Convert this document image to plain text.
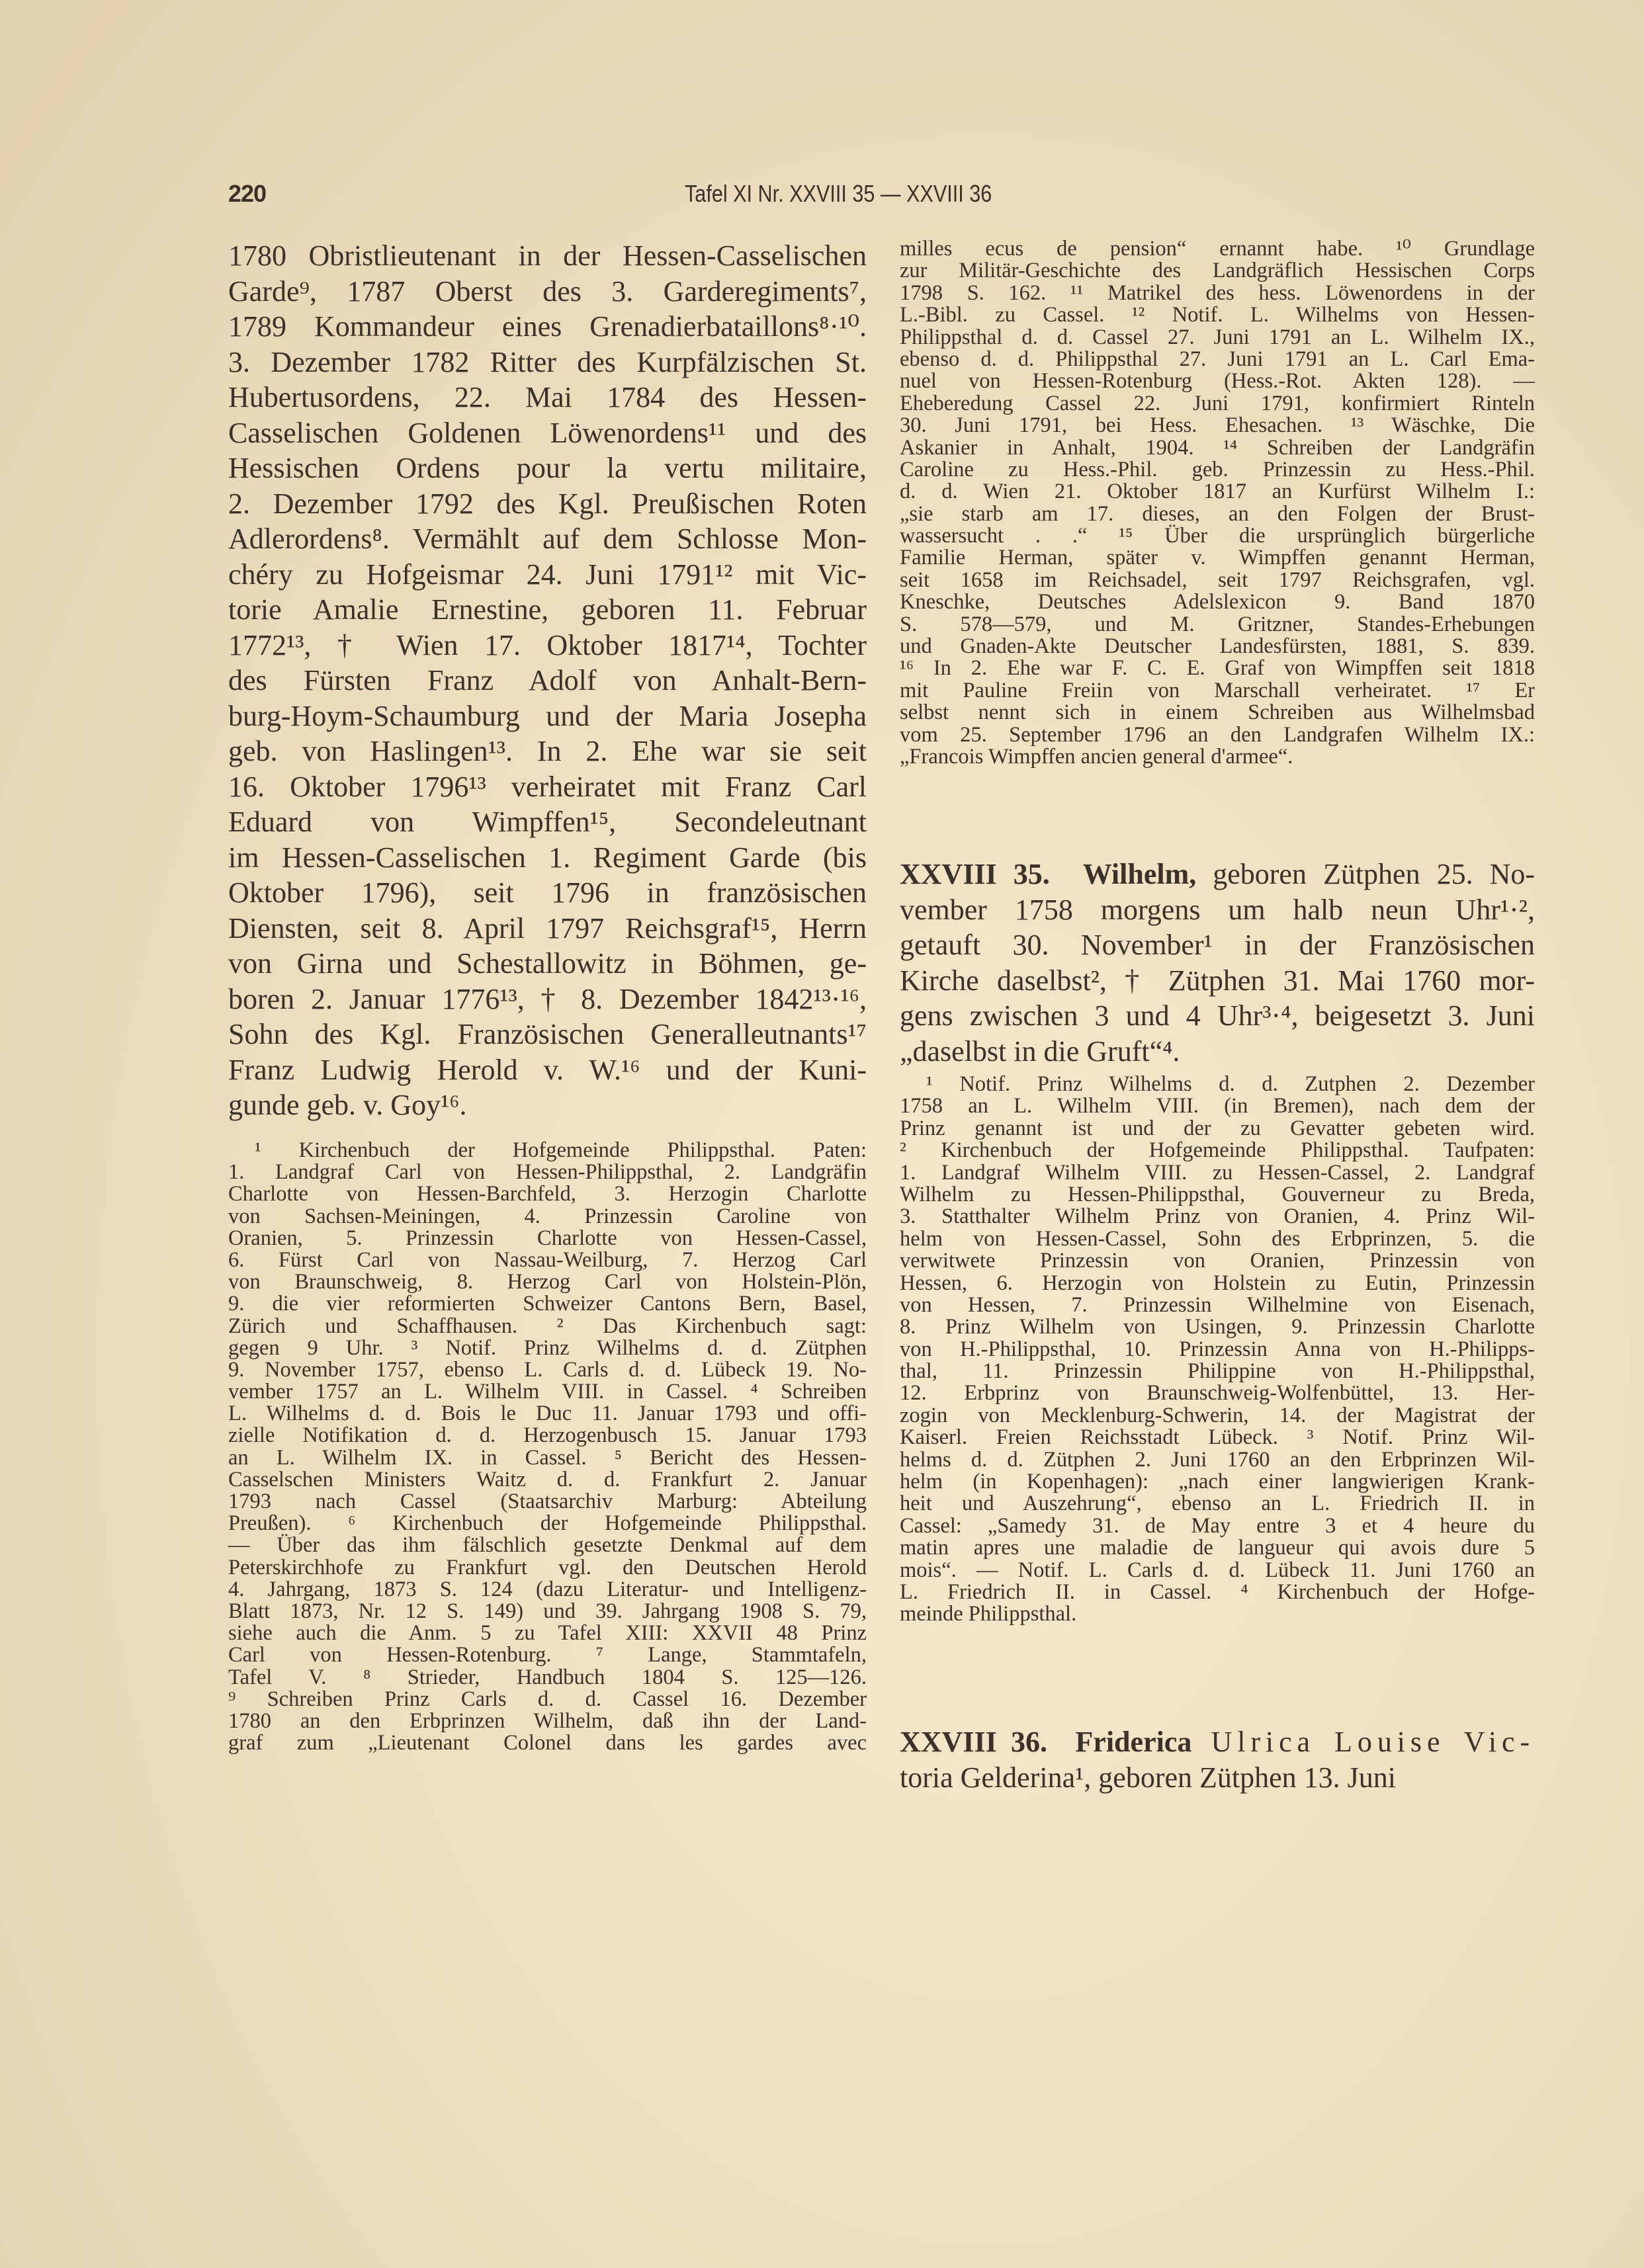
220	Tafel XI Nr. XXVIII 35 — XXVIII 36
1780 Obristlieutenant in der Hessen-Casselischen
Garde⁹, 1787 Oberst des 3. Garderegiments⁷,
1789 Kommandeur eines Grenadierbataillons⁸·¹⁰.
3. Dezember 1782 Ritter des Kurpfälzischen St.
Hubertusordens, 22. Mai 1784 des Hessen-
Casselischen Goldenen Löwenordens¹¹ und des
Hessischen Ordens pour la vertu militaire,
2. Dezember 1792 des Kgl. Preußischen Roten
Adlerordens⁸. Vermählt auf dem Schlosse Mon-
chéry zu Hofgeismar 24. Juni 1791¹² mit Vic-
torie Amalie Ernestine, geboren 11. Februar
1772¹³, † Wien 17. Oktober 1817¹⁴, Tochter
des Fürsten Franz Adolf von Anhalt-Bern-
burg-Hoym-Schaumburg und der Maria Josepha
geb. von Haslingen¹³. In 2. Ehe war sie seit
16. Oktober 1796¹³ verheiratet mit Franz Carl
Eduard von Wimpffen¹⁵, Secondeleutnant
im Hessen-Casselischen 1. Regiment Garde (bis
Oktober 1796), seit 1796 in französischen
Diensten, seit 8. April 1797 Reichsgraf¹⁵, Herrn
von Girna und Schestallowitz in Böhmen, ge-
boren 2. Januar 1776¹³, † 8. Dezember 1842¹³·¹⁶,
Sohn des Kgl. Französischen Generalleutnants¹⁷
Franz Ludwig Herold v. W.¹⁶ und der Kuni-
gunde geb. v. Goy¹⁶.
¹ Kirchenbuch der Hofgemeinde Philippsthal. Paten:
1. Landgraf Carl von Hessen-Philippsthal, 2. Landgräfin
Charlotte von Hessen-Barchfeld, 3. Herzogin Charlotte
von Sachsen-Meiningen, 4. Prinzessin Caroline von
Oranien, 5. Prinzessin Charlotte von Hessen-Cassel,
6. Fürst Carl von Nassau-Weilburg, 7. Herzog Carl
von Braunschweig, 8. Herzog Carl von Holstein-Plön,
9. die vier reformierten Schweizer Cantons Bern, Basel,
Zürich und Schaffhausen. ² Das Kirchenbuch sagt:
gegen 9 Uhr. ³ Notif. Prinz Wilhelms d. d. Zütphen
9. November 1757, ebenso L. Carls d. d. Lübeck 19. No-
vember 1757 an L. Wilhelm VIII. in Cassel. ⁴ Schreiben
L. Wilhelms d. d. Bois le Duc 11. Januar 1793 und offi-
zielle Notifikation d. d. Herzogenbusch 15. Januar 1793
an L. Wilhelm IX. in Cassel. ⁵ Bericht des Hessen-
Casselschen Ministers Waitz d. d. Frankfurt 2. Januar
1793 nach Cassel (Staatsarchiv Marburg: Abteilung
Preußen). ⁶ Kirchenbuch der Hofgemeinde Philippsthal.
— Über das ihm fälschlich gesetzte Denkmal auf dem
Peterskirchhofe zu Frankfurt vgl. den Deutschen Herold
4. Jahrgang, 1873 S. 124 (dazu Literatur- und Intelligenz-
Blatt 1873, Nr. 12 S. 149) und 39. Jahrgang 1908 S. 79,
siehe auch die Anm. 5 zu Tafel XIII: XXVII 48 Prinz
Carl von Hessen-Rotenburg. ⁷ Lange, Stammtafeln,
Tafel V. ⁸ Strieder, Handbuch 1804 S. 125—126.
⁹ Schreiben Prinz Carls d. d. Cassel 16. Dezember
1780 an den Erbprinzen Wilhelm, daß ihn der Land-
graf zum „Lieutenant Colonel dans les gardes avec
milles ecus de pension“ ernannt habe. ¹⁰ Grundlage
zur Militär-Geschichte des Landgräflich Hessischen Corps
1798 S. 162. ¹¹ Matrikel des hess. Löwenordens in der
L.-Bibl. zu Cassel. ¹² Notif. L. Wilhelms von Hessen-
Philippsthal d. d. Cassel 27. Juni 1791 an L. Wilhelm IX.,
ebenso d. d. Philippsthal 27. Juni 1791 an L. Carl Ema-
nuel von Hessen-Rotenburg (Hess.-Rot. Akten 128). —
Eheberedung Cassel 22. Juni 1791, konfirmiert Rinteln
30. Juni 1791, bei Hess. Ehesachen. ¹³ Wäschke, Die
Askanier in Anhalt, 1904. ¹⁴ Schreiben der Landgräfin
Caroline zu Hess.-Phil. geb. Prinzessin zu Hess.-Phil.
d. d. Wien 21. Oktober 1817 an Kurfürst Wilhelm I.:
„sie starb am 17. dieses, an den Folgen der Brust-
wassersucht . .“ ¹⁵ Über die ursprünglich bürgerliche
Familie Herman, später v. Wimpffen genannt Herman,
seit 1658 im Reichsadel, seit 1797 Reichsgrafen, vgl.
Kneschke, Deutsches Adelslexicon 9. Band 1870
S. 578—579, und M. Gritzner, Standes-Erhebungen
und Gnaden-Akte Deutscher Landesfürsten, 1881, S. 839.
¹⁶ In 2. Ehe war F. C. E. Graf von Wimpffen seit 1818
mit Pauline Freiin von Marschall verheiratet. ¹⁷ Er
selbst nennt sich in einem Schreiben aus Wilhelmsbad
vom 25. September 1796 an den Landgrafen Wilhelm IX.:
„Francois Wimpffen ancien general d'armee“.
XXVIII 35. Wilhelm, geboren Zütphen 25. No-
vember 1758 morgens um halb neun Uhr¹·²,
getauft 30. November¹ in der Französischen
Kirche daselbst², † Zütphen 31. Mai 1760 mor-
gens zwischen 3 und 4 Uhr³·⁴, beigesetzt 3. Juni
„daselbst in die Gruft“⁴.
¹ Notif. Prinz Wilhelms d. d. Zutphen 2. Dezember
1758 an L. Wilhelm VIII. (in Bremen), nach dem der
Prinz genannt ist und der zu Gevatter gebeten wird.
² Kirchenbuch der Hofgemeinde Philippsthal. Taufpaten:
1. Landgraf Wilhelm VIII. zu Hessen-Cassel, 2. Landgraf
Wilhelm zu Hessen-Philippsthal, Gouverneur zu Breda,
3. Statthalter Wilhelm Prinz von Oranien, 4. Prinz Wil-
helm von Hessen-Cassel, Sohn des Erbprinzen, 5. die
verwitwete Prinzessin von Oranien, Prinzessin von
Hessen, 6. Herzogin von Holstein zu Eutin, Prinzessin
von Hessen, 7. Prinzessin Wilhelmine von Eisenach,
8. Prinz Wilhelm von Usingen, 9. Prinzessin Charlotte
von H.-Philippsthal, 10. Prinzessin Anna von H.-Philipps-
thal, 11. Prinzessin Philippine von H.-Philippsthal,
12. Erbprinz von Braunschweig-Wolfenbüttel, 13. Her-
zogin von Mecklenburg-Schwerin, 14. der Magistrat der
Kaiserl. Freien Reichsstadt Lübeck. ³ Notif. Prinz Wil-
helms d. d. Zütphen 2. Juni 1760 an den Erbprinzen Wil-
helm (in Kopenhagen): „nach einer langwierigen Krank-
heit und Auszehrung“, ebenso an L. Friedrich II. in
Cassel: „Samedy 31. de May entre 3 et 4 heure du
matin apres une maladie de langueur qui avois dure 5
mois“. — Notif. L. Carls d. d. Lübeck 11. Juni 1760 an
L. Friedrich II. in Cassel. ⁴ Kirchenbuch der Hofge-
meinde Philippsthal.
XXVIII 36. Friderica Ulrica Louise Vic-
toria Gelderina¹, geboren Zütphen 13. Juni
